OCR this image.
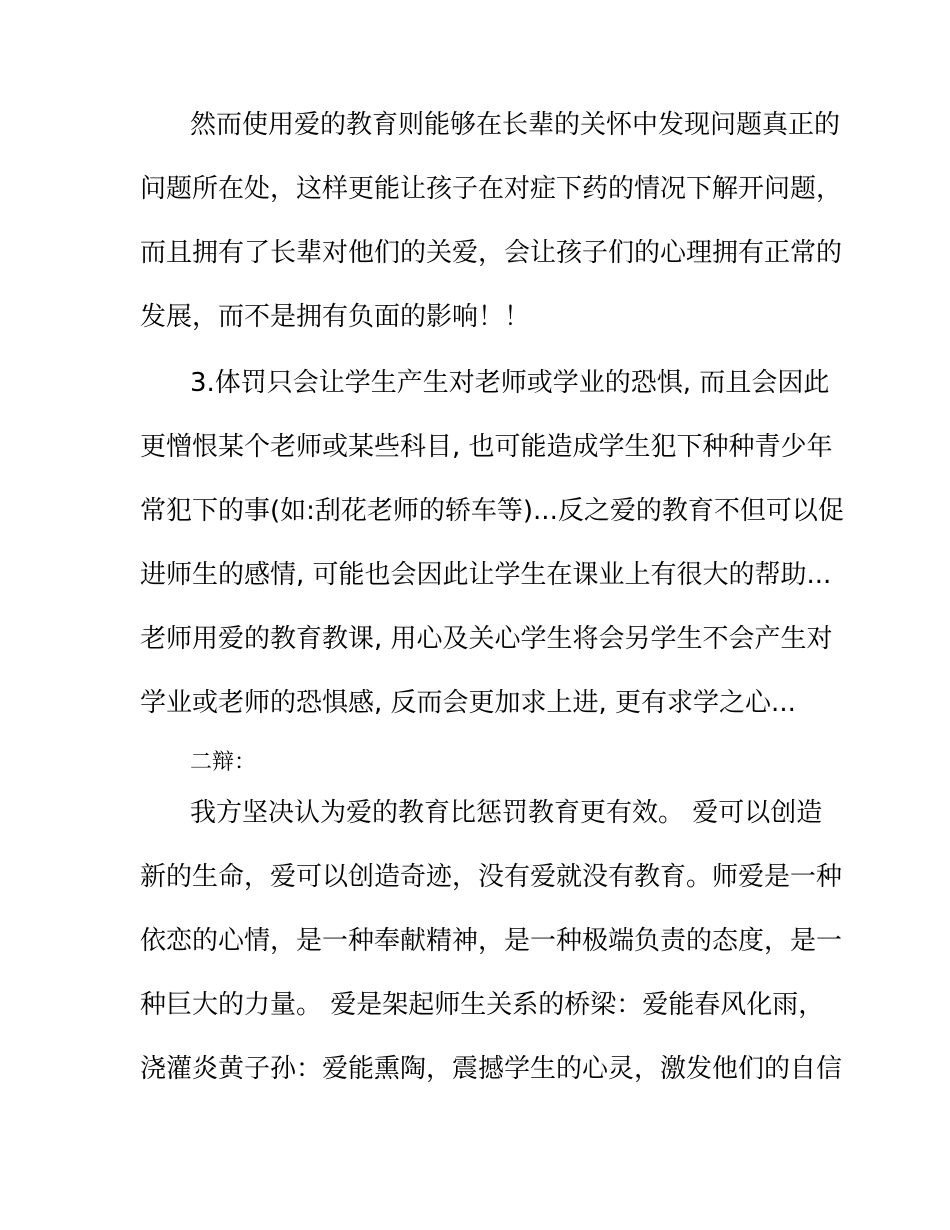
然而使用爱的教育则能够在长辈的关怀中发现问题真正的
问题所在处，这样更能让孩子在对症下药的情况下解开问题，
而且拥有了长辈对他们的关爱，会让孩子们的心理拥有正常的
发展，而不是拥有负面的影响！！
3.体罚只会让学生产生对老师或学业的恐惧, 而且会因此
更憎恨某个老师或某些科目, 也可能造成学生犯下种种青少年
常犯下的事(如:刮花老师的轿车等)...反之爱的教育不但可以促
进师生的感情, 可能也会因此让学生在课业上有很大的帮助...
老师用爱的教育教课, 用心及关心学生将会另学生不会产生对
学业或老师的恐惧感, 反而会更加求上进, 更有求学之心...
二辩：
我方坚决认为爱的教育比惩罚教育更有效。 爱可以创造
新的生命，爱可以创造奇迹，没有爱就没有教育。师爱是一种
依恋的心情，是一种奉献精神，是一种极端负责的态度，是一
种巨大的力量。 爱是架起师生关系的桥梁：爱能春风化雨，
浇灌炎黄子孙：爱能熏陶，震撼学生的心灵，激发他们的自信
